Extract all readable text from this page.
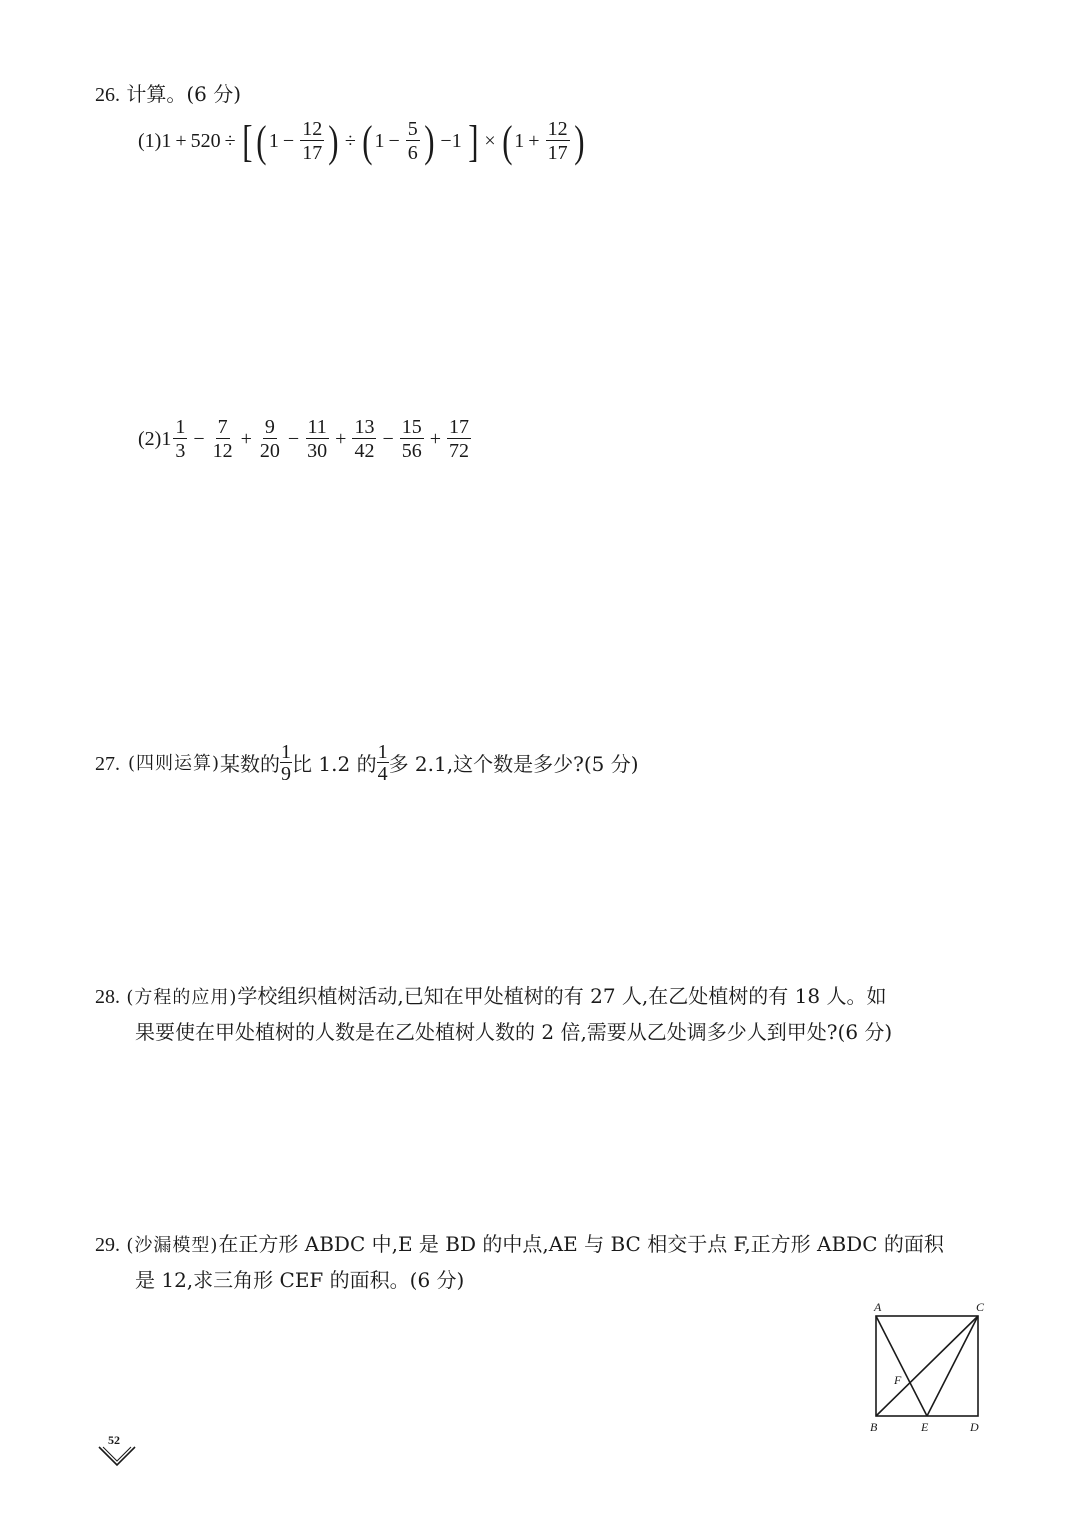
26. 计算。(6 分)
(1) 1 + 520 ÷ [ ( $1 - \frac{12}{17}$ ) ÷ ( $1 - \frac{5}{6}$ ) −1 ] × ( $1 + \frac{12}{17}$ )
(2) $1 \frac{1}{3} - \frac{7}{12} + \frac{9}{20} - \frac{11}{30} + \frac{13}{42} - \frac{15}{56} + \frac{17}{72}$
27. (四则运算) 某数的 $\frac{1}{9}$ 比 1.2 的 $\frac{1}{4}$ 多 2.1,这个数是多少?(5 分)
28. (方程的应用)学校组织植树活动,已知在甲处植树的有 27 人,在乙处植树的有 18 人。如
果要使在甲处植树的人数是在乙处植树人数的 2 倍,需要从乙处调多少人到甲处?(6 分)
29. (沙漏模型)在正方形 ABDC 中,E 是 BD 的中点,AE 与 BC 相交于点 F,正方形 ABDC 的面积
是 12,求三角形 CEF 的面积。(6 分)
A	C
B	E	D
F
52
